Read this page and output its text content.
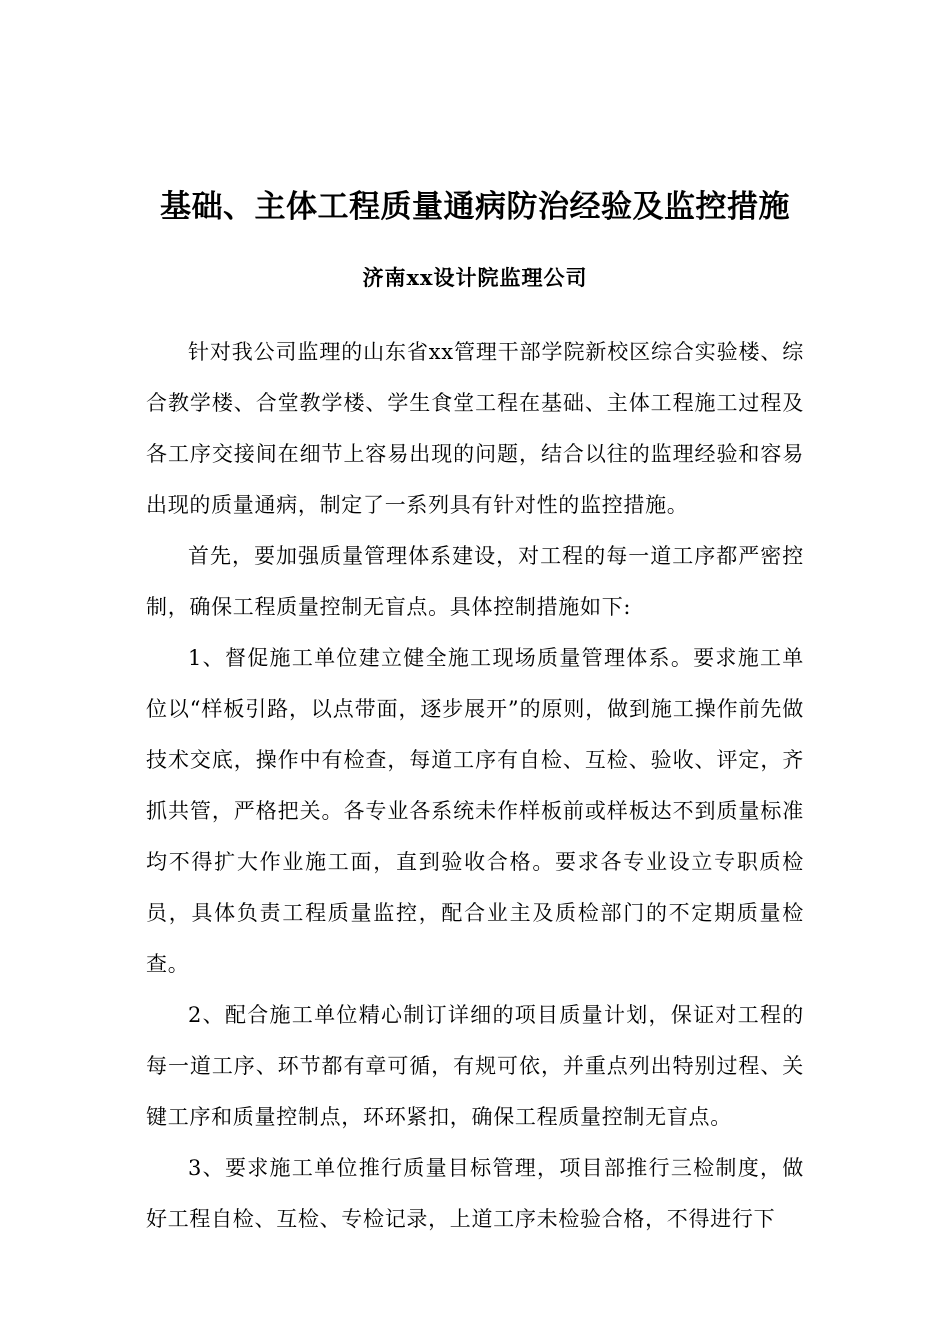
基础、主体工程质量通病防治经验及监控措施
济南xx设计院监理公司

针对我公司监理的山东省xx管理干部学院新校区综合实验楼、综合教学楼、合堂教学楼、学生食堂工程在基础、主体工程施工过程及各工序交接间在细节上容易出现的问题，结合以往的监理经验和容易出现的质量通病，制定了一系列具有针对性的监控措施。

首先，要加强质量管理体系建设，对工程的每一道工序都严密控制，确保工程质量控制无盲点。具体控制措施如下:

1、督促施工单位建立健全施工现场质量管理体系。要求施工单位以“样板引路，以点带面，逐步展开”的原则，做到施工操作前先做技术交底，操作中有检查，每道工序有自检、互检、验收、评定，齐抓共管，严格把关。各专业各系统未作样板前或样板达不到质量标准均不得扩大作业施工面，直到验收合格。要求各专业设立专职质检员，具体负责工程质量监控，配合业主及质检部门的不定期质量检查。

2、配合施工单位精心制订详细的项目质量计划，保证对工程的每一道工序、环节都有章可循，有规可依，并重点列出特别过程、关键工序和质量控制点，环环紧扣，确保工程质量控制无盲点。

3、要求施工单位推行质量目标管理，项目部推行三检制度，做好工程自检、互检、专检记录，上道工序未检验合格，不得进行下
